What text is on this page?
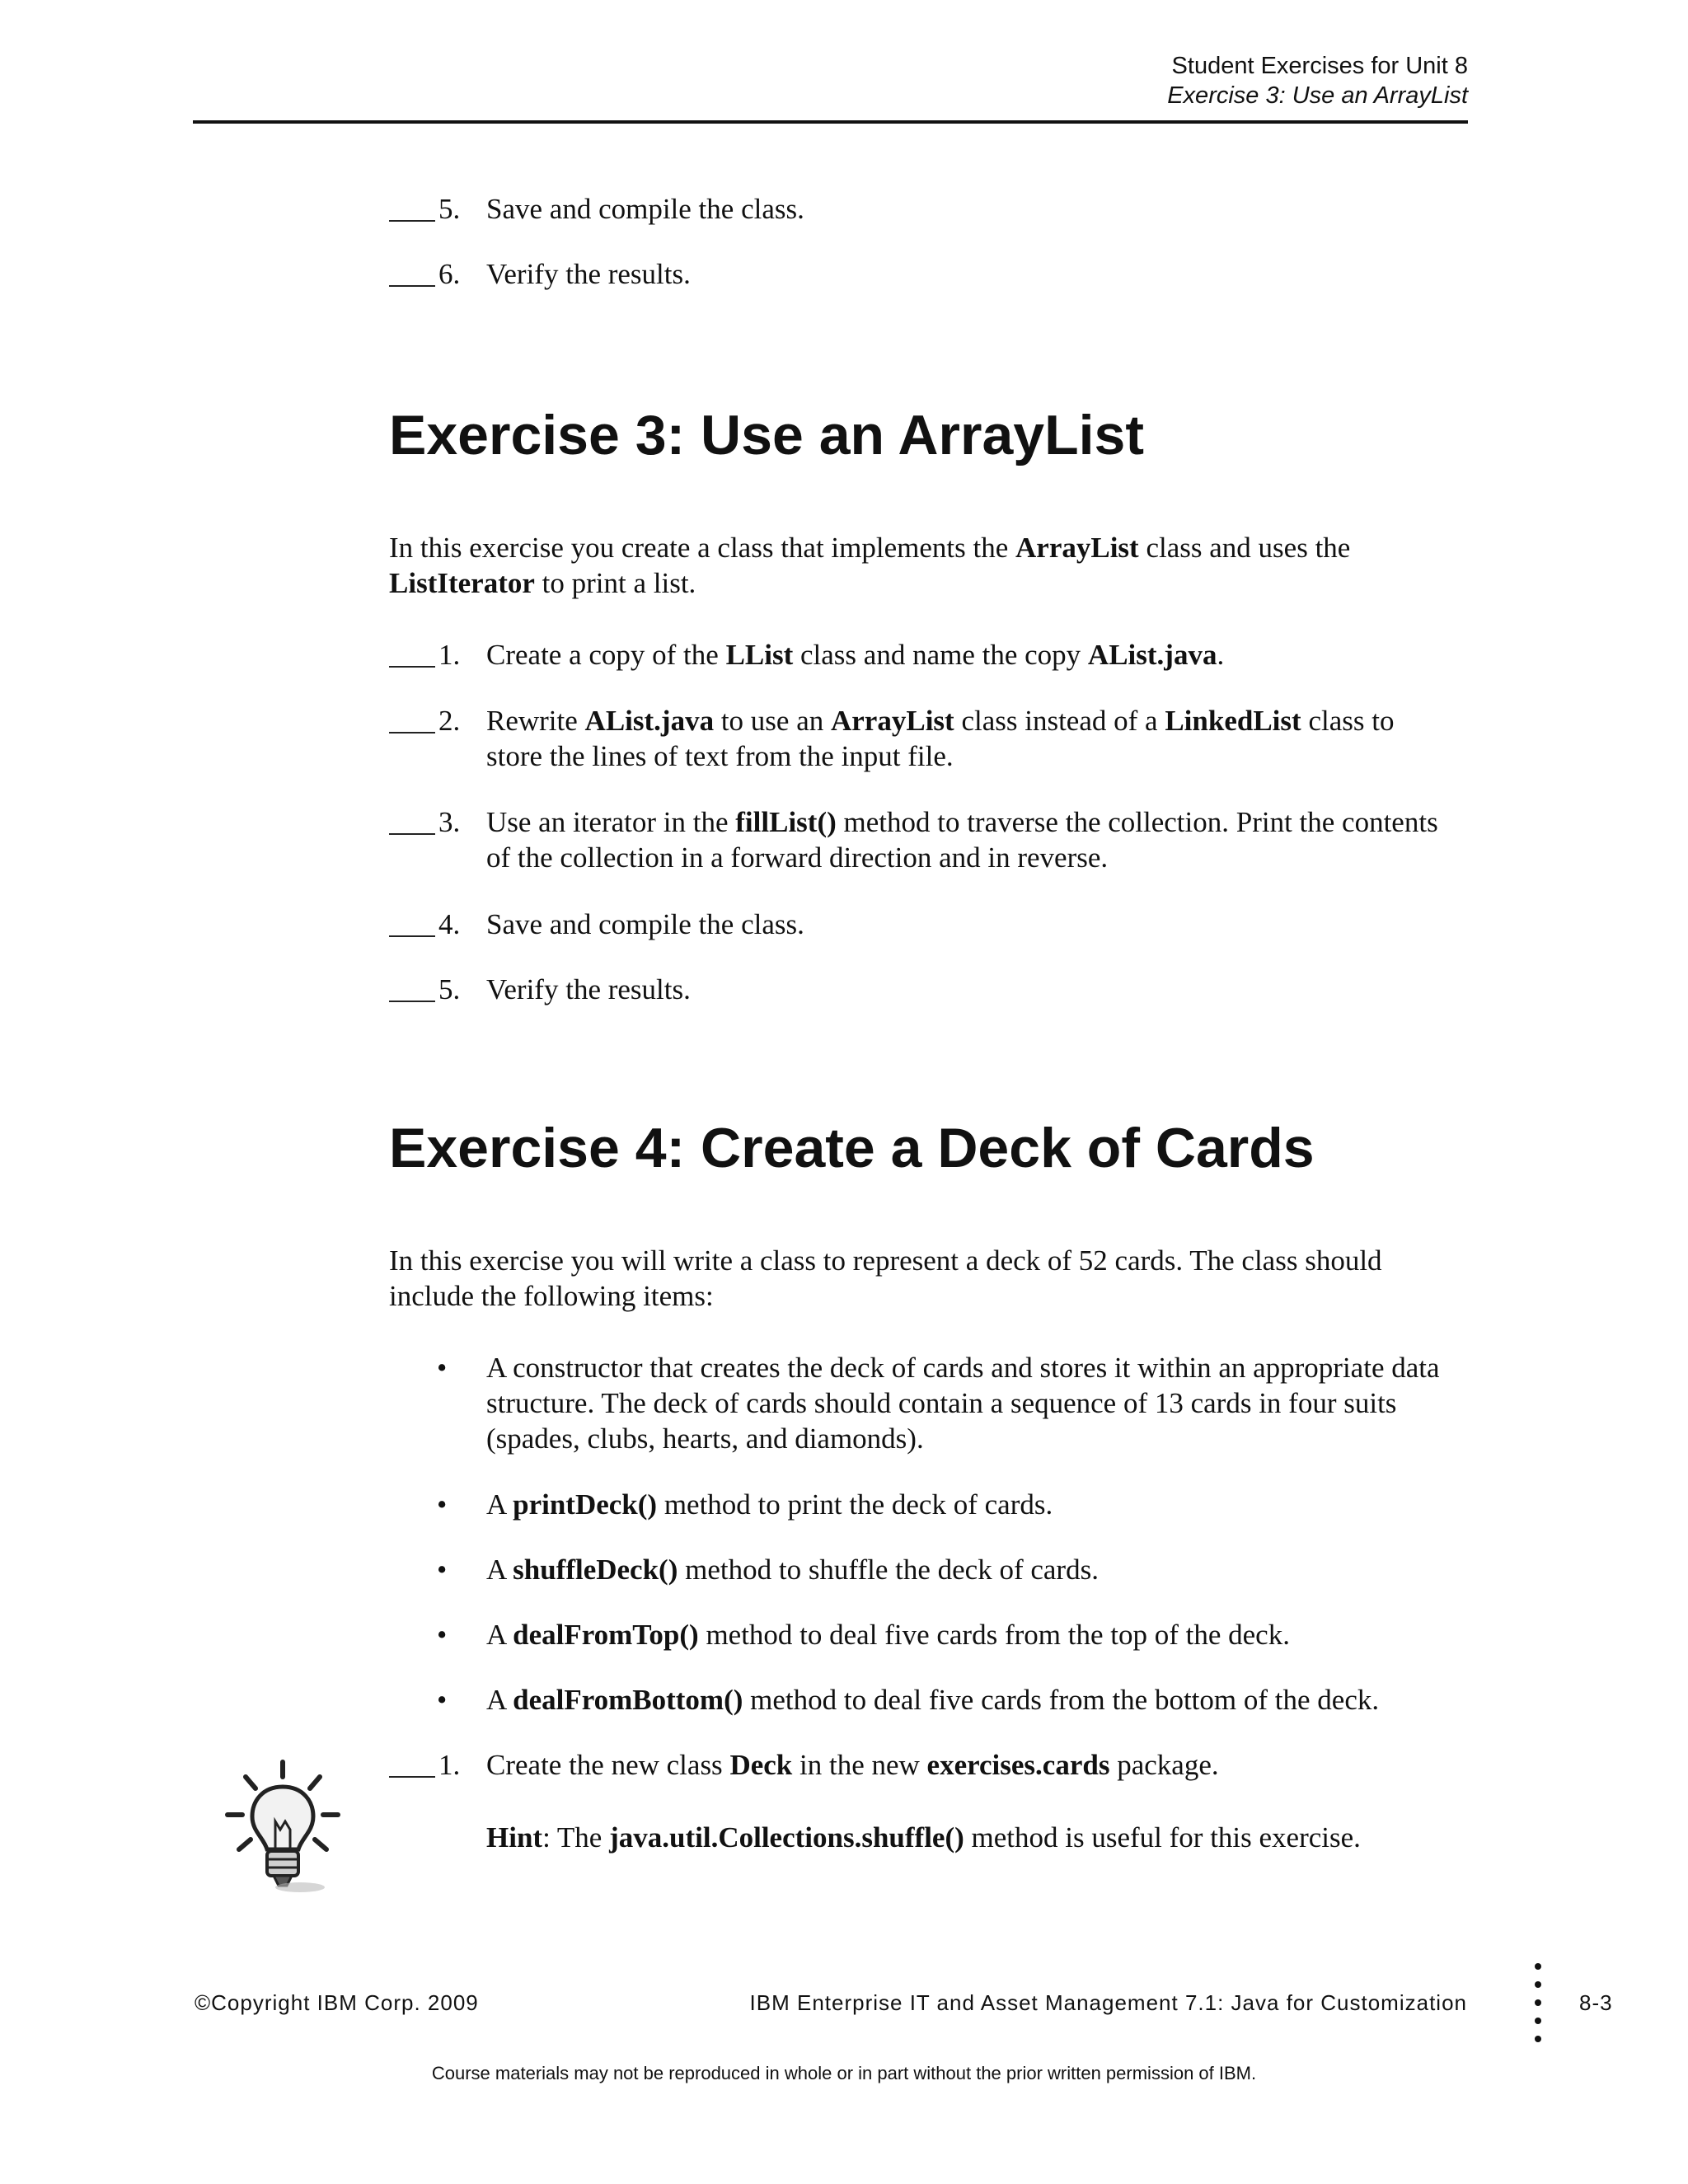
Student Exercises for Unit 8
Exercise 3: Use an ArrayList
5. Save and compile the class.
6. Verify the results.
Exercise 3: Use an ArrayList
In this exercise you create a class that implements the ArrayList class and uses the
ListIterator to print a list.
1. Create a copy of the LList class and name the copy AList.java.
2. Rewrite AList.java to use an ArrayList class instead of a LinkedList class to
store the lines of text from the input file.
3. Use an iterator in the fillList() method to traverse the collection. Print the contents
of the collection in a forward direction and in reverse.
4. Save and compile the class.
5. Verify the results.
Exercise 4: Create a Deck of Cards
In this exercise you will write a class to represent a deck of 52 cards. The class should
include the following items:
• A constructor that creates the deck of cards and stores it within an appropriate data
structure. The deck of cards should contain a sequence of 13 cards in four suits
(spades, clubs, hearts, and diamonds).
• A printDeck() method to print the deck of cards.
• A shuffleDeck() method to shuffle the deck of cards.
• A dealFromTop() method to deal five cards from the top of the deck.
• A dealFromBottom() method to deal five cards from the bottom of the deck.
1. Create the new class Deck in the new exercises.cards package.
Hint: The java.util.Collections.shuffle() method is useful for this exercise.
©Copyright IBM Corp. 2009	IBM Enterprise IT and Asset Management 7.1: Java for Customization	8-3
Course materials may not be reproduced in whole or in part without the prior written permission of IBM.
